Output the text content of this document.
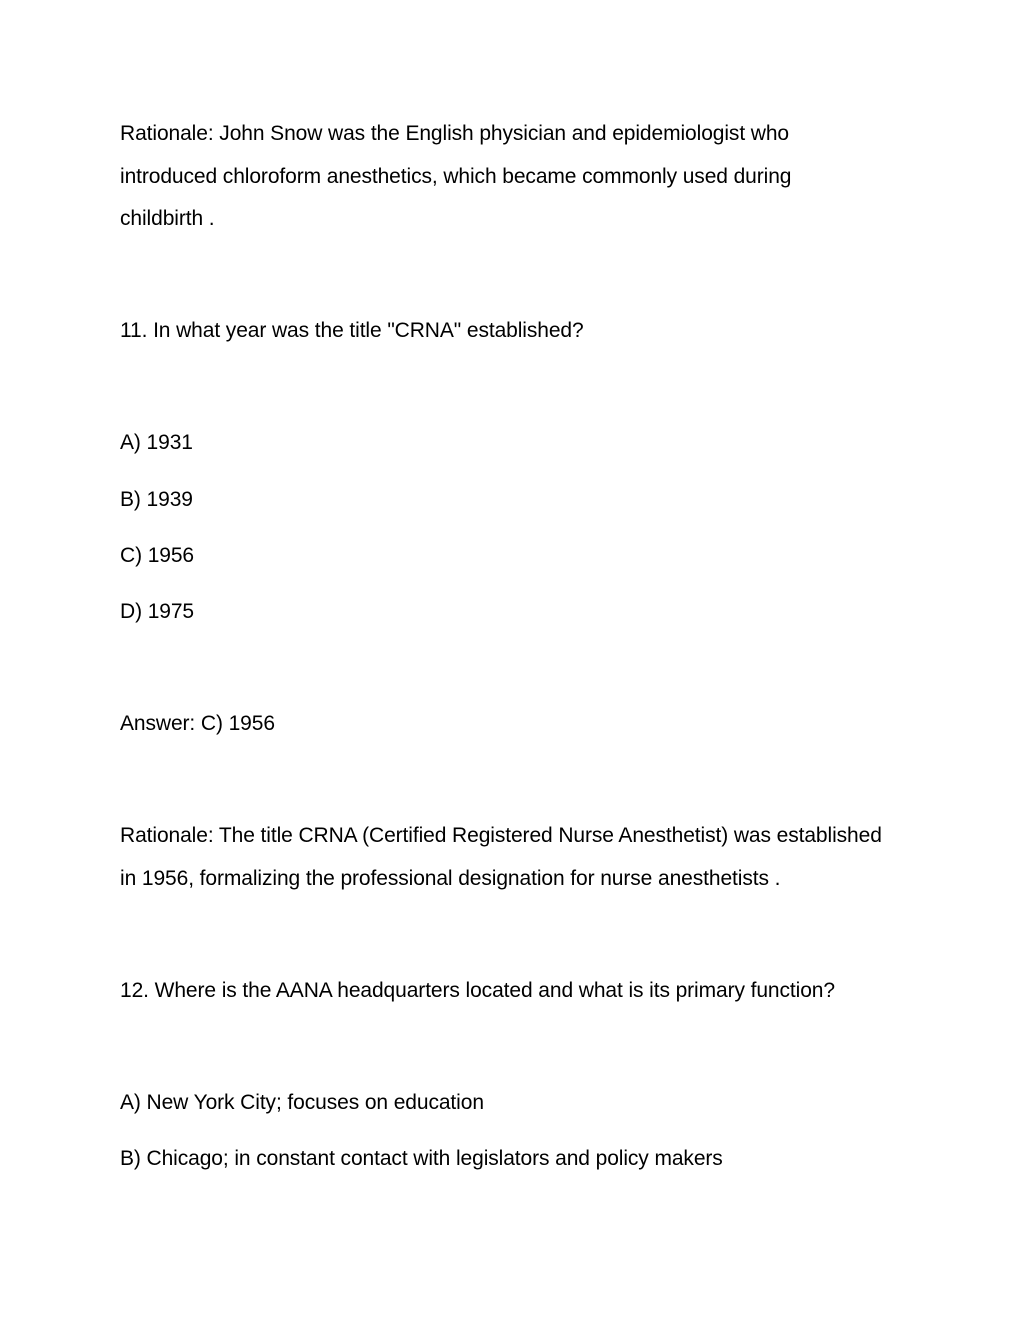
Rationale: John Snow was the English physician and epidemiologist who
introduced chloroform anesthetics, which became commonly used during
childbirth .
11. In what year was the title "CRNA" established?
A) 1931
B) 1939
C) 1956
D) 1975
Answer: C) 1956
Rationale: The title CRNA (Certified Registered Nurse Anesthetist) was established
in 1956, formalizing the professional designation for nurse anesthetists .
12. Where is the AANA headquarters located and what is its primary function?
A) New York City; focuses on education
B) Chicago; in constant contact with legislators and policy makers
